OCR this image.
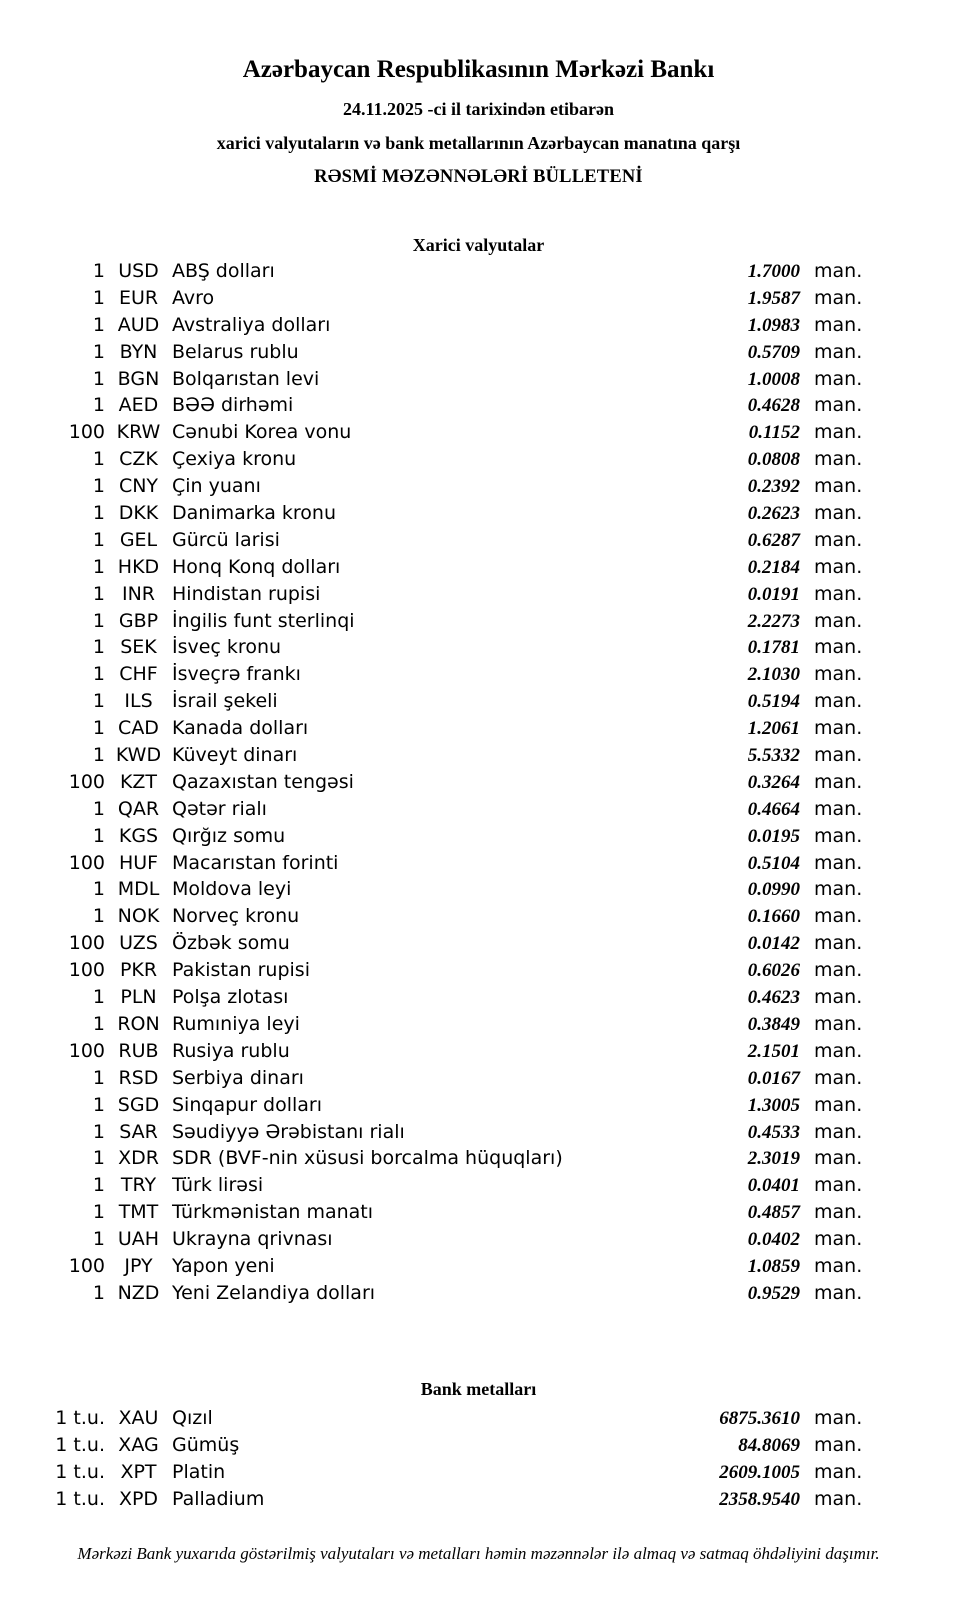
Azərbaycan Respublikasının Mərkəzi Bankı
24.11.2025 -ci il tarixindən etibarən
xarici valyutaların və bank metallarının Azərbaycan manatına qarşı
RƏSMİ MƏZƏNNƏLƏRİ BÜLLETENİ
Xarici valyutalar
1 USD ABŞ dolları	1.7000 man.
1 EUR Avro	1.9587 man.
1 AUD Avstraliya dolları	1.0983 man.
1 BYN Belarus rublu	0.5709 man.
1 BGN Bolqarıstan levi	1.0008 man.
1 AED BƏƏ dirhəmi	0.4628 man.
100 KRW Cənubi Korea vonu	0.1152 man.
1 CZK Çexiya kronu	0.0808 man.
1 CNY Çin yuanı	0.2392 man.
1 DKK Danimarka kronu	0.2623 man.
1 GEL Gürcü larisi	0.6287 man.
1 HKD Honq Konq dolları	0.2184 man.
1 INR Hindistan rupisi	0.0191 man.
1 GBP İngilis funt sterlinqi	2.2273 man.
1 SEK İsveç kronu	0.1781 man.
1 CHF İsveçrə frankı	2.1030 man.
1	ILS	İsrail şekeli	0.5194 man.
1 CAD Kanada dolları	1.2061 man.
1 KWD Küveyt dinarı	5.5332 man.
100 KZT Qazaxıstan tengəsi	0.3264 man.
1 QAR Qətər rialı	0.4664 man.
1 KGS Qırğız somu	0.0195 man.
100 HUF Macarıstan forinti	0.5104 man.
1 MDL Moldova leyi	0.0990 man.
1 NOK Norveç kronu	0.1660 man.
100 UZS Özbək somu	0.0142 man.
100 PKR Pakistan rupisi	0.6026 man.
1 PLN Polşa zlotası	0.4623 man.
1 RON Rumıniya leyi	0.3849 man.
100 RUB Rusiya rublu	2.1501 man.
1 RSD Serbiya dinarı	0.0167 man.
1 SGD Sinqapur dolları	1.3005 man.
1 SAR Səudiyyə Ərəbistanı rialı	0.4533 man.
1 XDR SDR (BVF-nin xüsusi borcalma hüquqları)	2.3019 man.
1 TRY Türk lirəsi	0.0401 man.
1 TMT Türkmənistan manatı	0.4857 man.
1 UAH Ukrayna qrivnası	0.0402 man.
100	JPY	Yapon yeni	1.0859 man.
1 NZD Yeni Zelandiya dolları	0.9529 man.
Bank metalları
1 t.u. XAU Qızıl	6875.3610 man.
1 t.u. XAG Gümüş	84.8069 man.
1 t.u. XPT Platin	2609.1005 man.
1 t.u. XPD Palladium	2358.9540 man.

Mərkəzi Bank yuxarıda göstərilmiş valyutaları və metalları həmin məzənnələr ilə almaq və satmaq öhdəliyini daşımır.
